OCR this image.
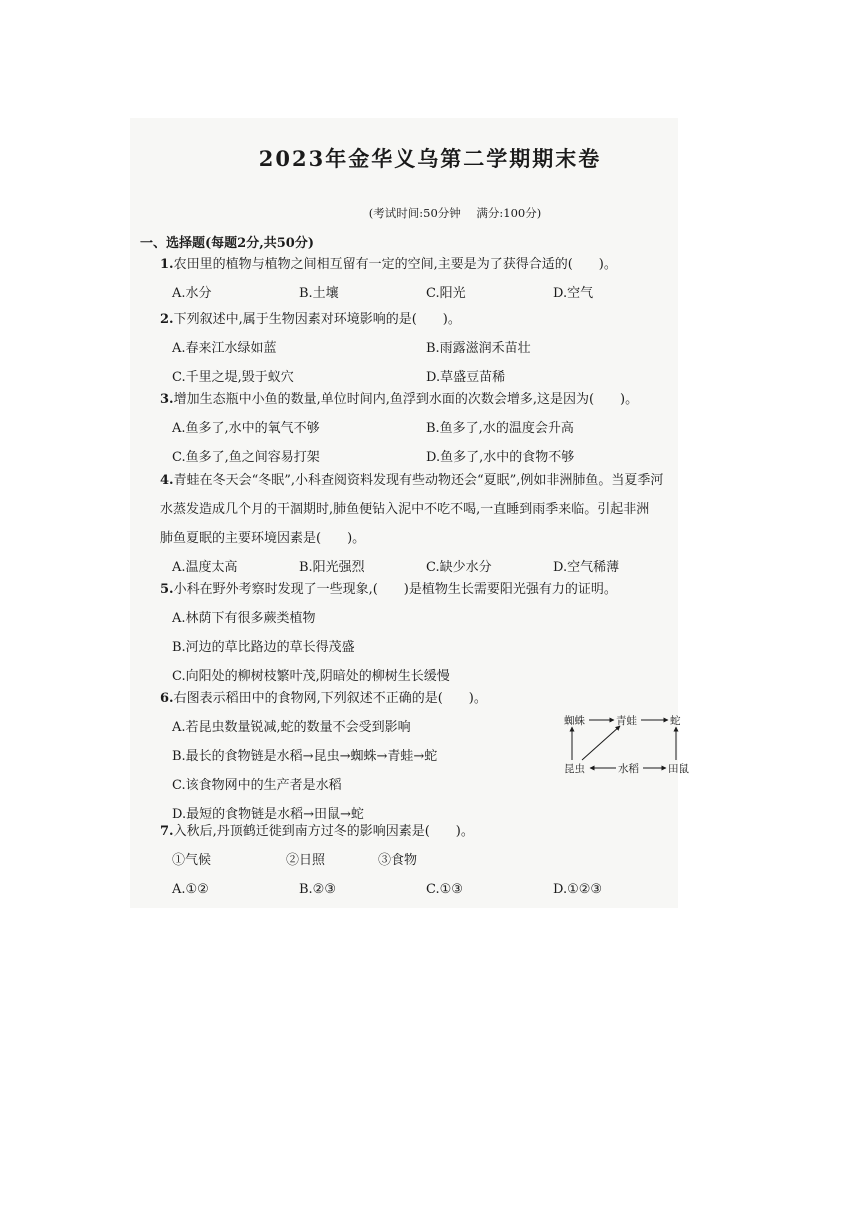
2023年金华义乌第二学期期末卷
(考试时间:50分钟 满分:100分)
一、选择题(每题2分,共50分)
1.农田里的植物与植物之间相互留有一定的空间,主要是为了获得合适的(　　)。
A.水分	B.土壤	C.阳光	D.空气
2.下列叙述中,属于生物因素对环境影响的是(　　)。
A.春来江水绿如蓝	B.雨露滋润禾苗壮
C.千里之堤,毁于蚁穴	D.草盛豆苗稀
3.增加生态瓶中小鱼的数量,单位时间内,鱼浮到水面的次数会增多,这是因为(　　)。
A.鱼多了,水中的氧气不够	B.鱼多了,水的温度会升高
C.鱼多了,鱼之间容易打架	D.鱼多了,水中的食物不够
4.青蛙在冬天会“冬眠”,小科查阅资料发现有些动物还会“夏眠”,例如非洲肺鱼。当夏季河
水蒸发造成几个月的干涸期时,肺鱼便钻入泥中不吃不喝,一直睡到雨季来临。引起非洲
肺鱼夏眠的主要环境因素是(　　)。
A.温度太高	B.阳光强烈	C.缺少水分	D.空气稀薄
5.小科在野外考察时发现了一些现象,(　　)是植物生长需要阳光强有力的证明。
A.林荫下有很多蕨类植物
B.河边的草比路边的草长得茂盛
C.向阳处的柳树枝繁叶茂,阴暗处的柳树生长缓慢
6.右图表示稻田中的食物网,下列叙述不正确的是(　　)。
A.若昆虫数量锐减,蛇的数量不会受到影响
B.最长的食物链是水稻→昆虫→蜘蛛→青蛙→蛇
C.该食物网中的生产者是水稻
D.最短的食物链是水稻→田鼠→蛇
蜘蛛	青蛙	蛇
昆虫	水稻	田鼠
7.入秋后,丹顶鹤迁徙到南方过冬的影响因素是(　　)。
①气候	②日照	③食物
A.①②	B.②③	C.①③	D.①②③
